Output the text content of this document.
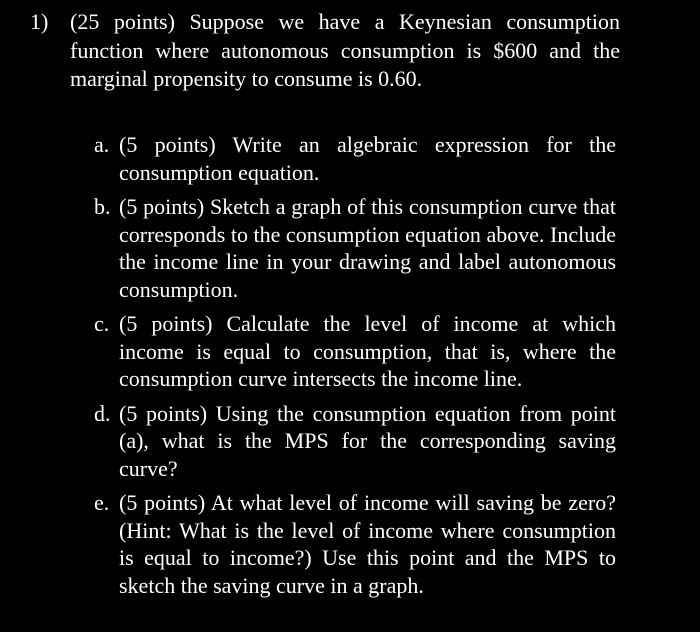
1) (25 points) Suppose we have a Keynesian consumption function where autonomous consumption is $600 and the marginal propensity to consume is 0.60.
a. (5 points) Write an algebraic expression for the consumption equation.
b. (5 points) Sketch a graph of this consumption curve that corresponds to the consumption equation above. Include the income line in your drawing and label autonomous consumption.
c. (5 points) Calculate the level of income at which income is equal to consumption, that is, where the consumption curve intersects the income line.
d. (5 points) Using the consumption equation from point (a), what is the MPS for the corresponding saving curve?
e. (5 points) At what level of income will saving be zero? (Hint: What is the level of income where consumption is equal to income?) Use this point and the MPS to sketch the saving curve in a graph.
